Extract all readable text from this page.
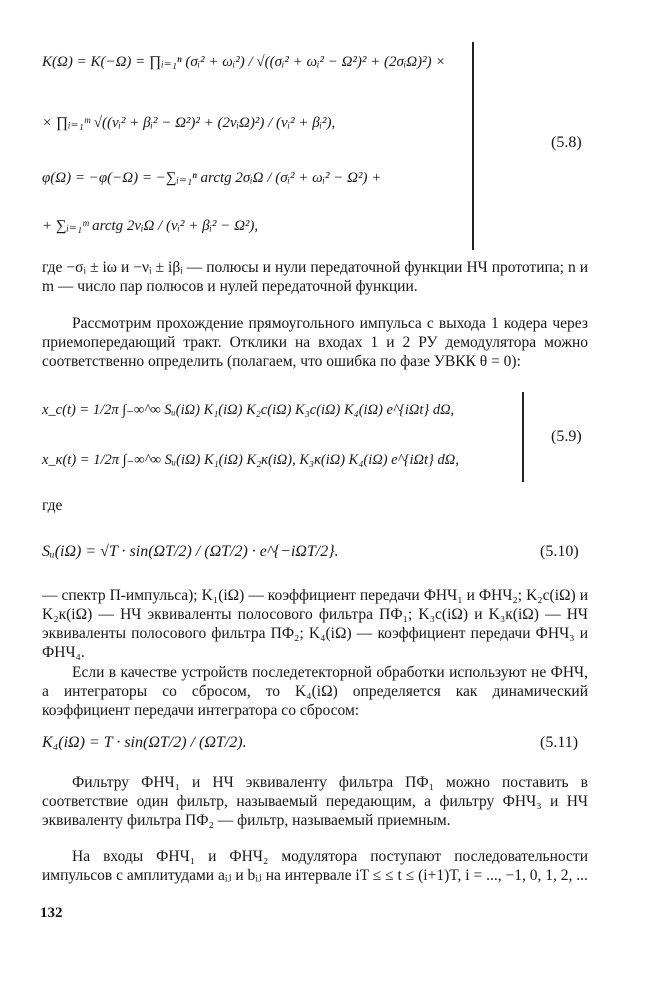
K(Ω) = K(−Ω) = ∏ᵢ₌₁ⁿ (σᵢ² + ωᵢ²) / √((σᵢ² + ωᵢ² − Ω²)² + (2σᵢΩ)²) ×
× ∏ᵢ₌₁ᵐ √((νᵢ² + βᵢ² − Ω²)² + (2νᵢΩ)²) / (νᵢ² + βᵢ²),
φ(Ω) = −φ(−Ω) = −∑ᵢ₌₁ⁿ arctg 2σᵢΩ / (σᵢ² + ωᵢ² − Ω²) +
+ ∑ᵢ₌₁ᵐ arctg 2νᵢΩ / (νᵢ² + βᵢ² − Ω²),
(5.8)
где −σᵢ ± iω и −νᵢ ± iβᵢ — полюсы и нули передаточной функции НЧ прототипа; n и m — число пар полюсов и нулей передаточной функции.
Рассмотрим прохождение прямоугольного импульса с выхода 1 кодера через приемопередающий тракт. Отклики на входах 1 и 2 РУ демодулятора можно соответственно определить (полагаем, что ошибка по фазе УВКК θ = 0):
x_c(t) = 1/2π ∫₋∞^∞ Sᵤ(iΩ) K₁(iΩ) K₂c(iΩ) K₃c(iΩ) K₄(iΩ) e^{iΩt} dΩ,
x_к(t) = 1/2π ∫₋∞^∞ Sᵤ(iΩ) K₁(iΩ) K₂к(iΩ), K₃к(iΩ) K₄(iΩ) e^{iΩt} dΩ,
(5.9)
где
Sᵤ(iΩ) = √T · sin(ΩT/2) / (ΩT/2) · e^{−iΩT/2}.	(5.10)
— спектр П-импульса); K₁(iΩ) — коэффициент передачи ФНЧ₁ и ФНЧ₂; K₂c(iΩ) и K₂к(iΩ) — НЧ эквиваленты полосового фильтра ПФ₁; K₃c(iΩ) и K₃к(iΩ) — НЧ эквиваленты полосового фильтра ПФ₂; K₄(iΩ) — коэффициент передачи ФНЧ₃ и ФНЧ₄.
Если в качестве устройств последетекторной обработки используют не ФНЧ, а интеграторы со сбросом, то K₄(iΩ) определяется как динамический коэффициент передачи интегратора со сбросом:
K₄(iΩ) = T · sin(ΩT/2) / (ΩT/2).	(5.11)
Фильтру ФНЧ₁ и НЧ эквиваленту фильтра ПФ₁ можно поставить в соответствие один фильтр, называемый передающим, а фильтру ФНЧ₃ и НЧ эквиваленту фильтра ПФ₂ — фильтр, называемый приемным.
На входы ФНЧ₁ и ФНЧ₂ модулятора поступают последовательности импульсов с амплитудами aᵢⱼ и bᵢⱼ на интервале iT ≤ ≤ t ≤ (i+1)T, i = ..., −1, 0, 1, 2, ...
132
